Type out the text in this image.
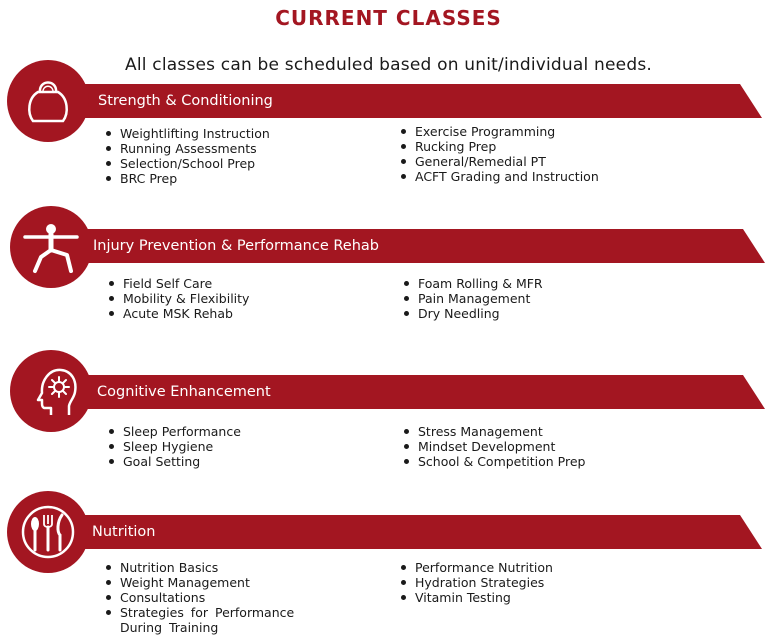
CURRENT CLASSES
All classes can be scheduled based on unit/individual needs.
Strength & Conditioning
Weightlifting Instruction
Running Assessments
Selection/School Prep
BRC Prep
Exercise Programming
Rucking Prep
General/Remedial PT
ACFT Grading and Instruction
Injury Prevention & Performance Rehab
Field Self Care
Mobility & Flexibility
Acute MSK Rehab
Foam Rolling & MFR
Pain Management
Dry Needling
Cognitive Enhancement
Sleep Performance
Sleep Hygiene
Goal Setting
Stress Management
Mindset Development
School & Competition Prep
Nutrition
Nutrition Basics
Weight Management
Consultations
Strategies for Performance During Training
Performance Nutrition
Hydration Strategies
Vitamin Testing
